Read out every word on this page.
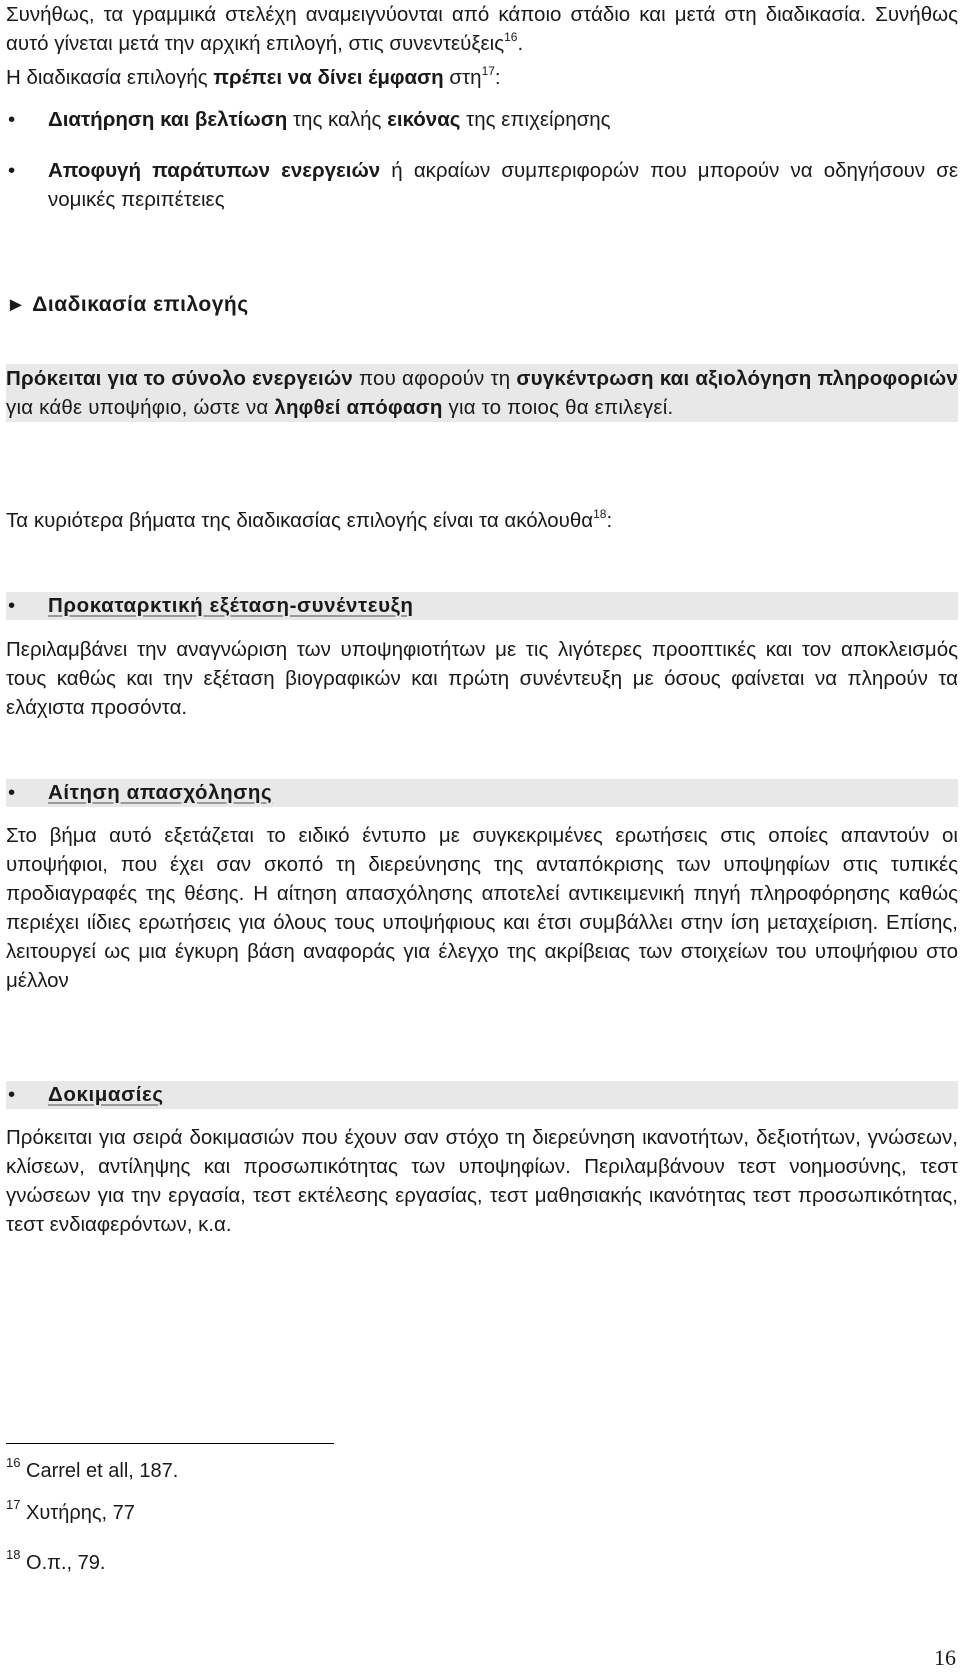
Συνήθως, τα γραμμικά στελέχη αναμειγνύονται από κάποιο στάδιο και μετά στη διαδικασία. Συνήθως αυτό γίνεται μετά την αρχική επιλογή, στις συνεντεύξεις$^{16}$.
Η διαδικασία επιλογής πρέπει να δίνει έμφαση στη$^{17}$:
•	Διατήρηση και βελτίωση της καλής εικόνας της επιχείρησης
•	Αποφυγή παράτυπων ενεργειών ή ακραίων συμπεριφορών που μπορούν να οδηγήσουν σε νομικές περιπέτειες
► Διαδικασία επιλογής
Πρόκειται για το σύνολο ενεργειών που αφορούν τη συγκέντρωση και αξιολόγηση πληροφοριών για κάθε υποψήφιο, ώστε να ληφθεί απόφαση για το ποιος θα επιλεγεί.
Τα κυριότερα βήματα της διαδικασίας επιλογής είναι τα ακόλουθα$^{18}$:
•	Προκαταρκτική εξέταση-συνέντευξη
Περιλαμβάνει την αναγνώριση των υποψηφιοτήτων με τις λιγότερες προοπτικές και τον αποκλεισμός τους καθώς και την εξέταση βιογραφικών και πρώτη συνέντευξη με όσους φαίνεται να πληρούν τα ελάχιστα προσόντα.
•	Αίτηση απασχόλησης
Στο βήμα αυτό εξετάζεται το ειδικό έντυπο με συγκεκριμένες ερωτήσεις στις οποίες απαντούν οι υποψήφιοι, που έχει σαν σκοπό τη διερεύνησης της ανταπόκρισης των υποψηφίων στις τυπικές προδιαγραφές της θέσης. Η αίτηση απασχόλησης αποτελεί αντικειμενική πηγή πληροφόρησης καθώς περιέχει ιίδιες ερωτήσεις για όλους τους υποψήφιους και έτσι συμβάλλει στην ίση μεταχείριση. Επίσης, λειτουργεί ως μια έγκυρη βάση αναφοράς για έλεγχο της ακρίβειας των στοιχείων του υποψήφιου στο μέλλον
•	Δοκιμασίες
Πρόκειται για σειρά δοκιμασιών που έχουν σαν στόχο τη διερεύνηση ικανοτήτων, δεξιοτήτων, γνώσεων, κλίσεων, αντίληψης και προσωπικότητας των υποψηφίων. Περιλαμβάνουν τεστ νοημοσύνης, τεστ γνώσεων για την εργασία, τεστ εκτέλεσης εργασίας, τεστ μαθησιακής ικανότητας τεστ προσωπικότητας, τεστ ενδιαφερόντων, κ.α.
$^{16}$ Carrel et all, 187.
$^{17}$ Χυτήρης, 77
$^{18}$ Ο.π., 79.
16
